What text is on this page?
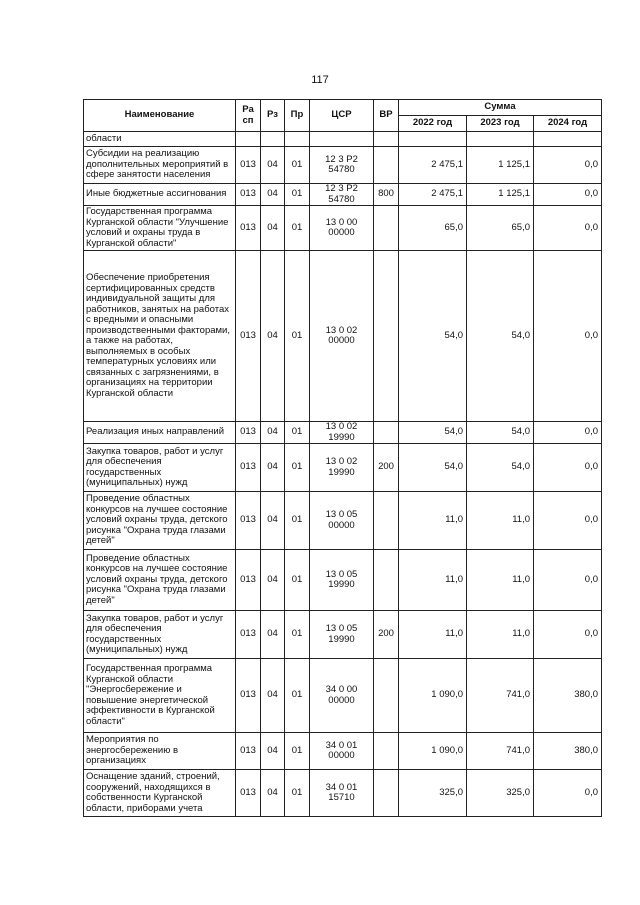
117
Наименование	Ра сп	Рз	Пр	ЦСР	ВР	Сумма		
						2022 год	2023 год	2024 год
области								
Субсидии на реализацию дополнительных мероприятий в сфере занятости населения	013	04	01	12 3 P2 54780		2 475,1	1 125,1	0,0
Иные бюджетные ассигнования	013	04	01	12 3 P2 54780	800	2 475,1	1 125,1	0,0
Государственная программа Курганской области "Улучшение условий и охраны труда в Курганской области"	013	04	01	13 0 00 00000		65,0	65,0	0,0
Обеспечение приобретения сертифицированных средств индивидуальной защиты для работников, занятых на работах с вредными и опасными производственными факторами, а также на работах, выполняемых в особых температурных условиях или связанных с загрязнениями, в организациях на территории Курганской области	013	04	01	13 0 02 00000		54,0	54,0	0,0
Реализация иных направлений	013	04	01	13 0 02 19990		54,0	54,0	0,0
Закупка товаров, работ и услуг для обеспечения государственных (муниципальных) нужд	013	04	01	13 0 02 19990	200	54,0	54,0	0,0
Проведение областных конкурсов на лучшее состояние условий охраны труда, детского рисунка "Охрана труда глазами детей"	013	04	01	13 0 05 00000		11,0	11,0	0,0
Проведение областных конкурсов на лучшее состояние условий охраны труда, детского рисунка "Охрана труда глазами детей"	013	04	01	13 0 05 19990		11,0	11,0	0,0
Закупка товаров, работ и услуг для обеспечения государственных (муниципальных) нужд	013	04	01	13 0 05 19990	200	11,0	11,0	0,0
Государственная программа Курганской области "Энергосбережение и повышение энергетической эффективности в Курганской области"	013	04	01	34 0 00 00000		1 090,0	741,0	380,0
Мероприятия по энергосбережению в организациях	013	04	01	34 0 01 00000		1 090,0	741,0	380,0
Оснащение зданий, строений, сооружений, находящихся в собственности Курганской области, приборами учета	013	04	01	34 0 01 15710		325,0	325,0	0,0
